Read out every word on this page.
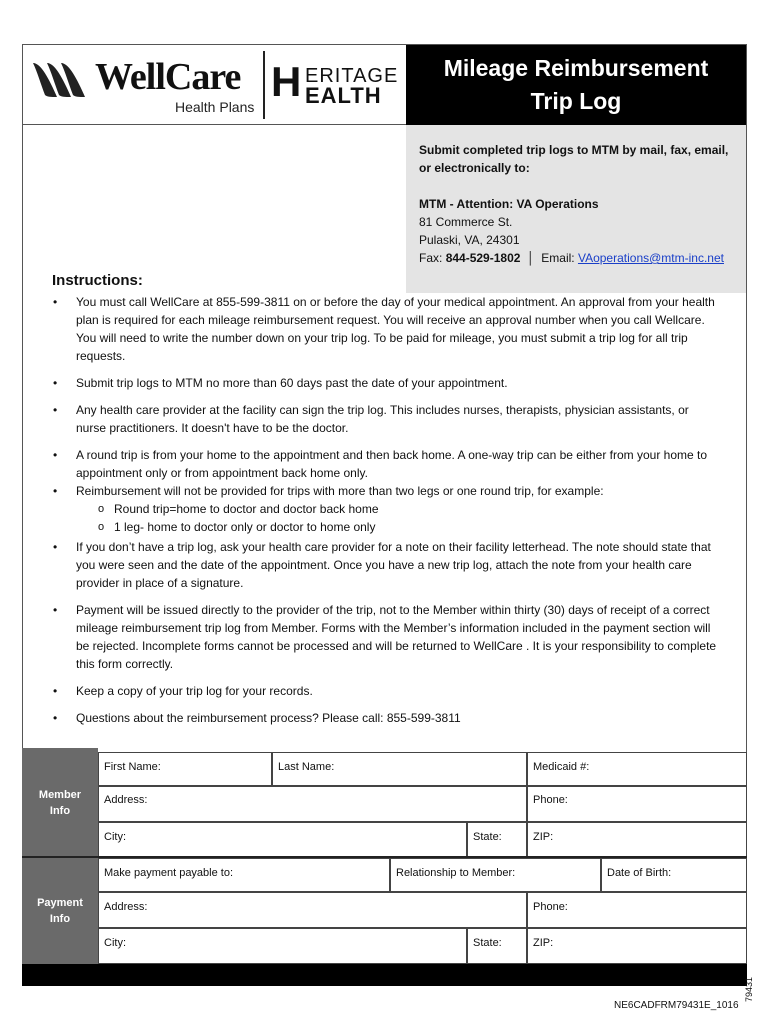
WellCare
Health Plans
H ERITAGE
EALTH
Mileage Reimbursement
Trip Log
Submit completed trip logs to MTM by mail, fax, email, or electronically to:
MTM - Attention: VA Operations
81 Commerce St.
Pulaski, VA, 24301
Fax: 844-529-1802  │  Email: VAoperations@mtm-inc.net
Instructions:
• You must call WellCare at 855-599-3811 on or before the day of your medical appointment. An approval from your health plan is required for each mileage reimbursement request. You will receive an approval number when you call Wellcare. You will need to write the number down on your trip log. To be paid for mileage, you must submit a trip log for all trip requests.
• Submit trip logs to MTM no more than 60 days past the date of your appointment.
• Any health care provider at the facility can sign the trip log. This includes nurses, therapists, physician assistants, or nurse practitioners. It doesn't have to be the doctor.
• A round trip is from your home to the appointment and then back home. A one-way trip can be either from your home to appointment only or from appointment back home only.
• Reimbursement will not be provided for trips with more than two legs or one round trip, for example:
o Round trip=home to doctor and doctor back home
o 1 leg- home to doctor only or doctor to home only
• If you don’t have a trip log, ask your health care provider for a note on their facility letterhead. The note should state that you were seen and the date of the appointment. Once you have a new trip log, attach the note from your health care provider in place of a signature.
• Payment will be issued directly to the provider of the trip, not to the Member within thirty (30) days of receipt of a correct mileage reimbursement trip log from Member. Forms with the Member’s information included in the payment section will be rejected. Incomplete forms cannot be processed and will be returned to WellCare . It is your responsibility to complete this form correctly.
• Keep a copy of your trip log for your records.
• Questions about the reimbursement process? Please call: 855-599-3811
Member
Info
First Name:	Last Name:	Medicaid #:
Address:	Phone:
City:	State:	ZIP:
Payment
Info
Make payment payable to:	Relationship to Member:	Date of Birth:
Address:	Phone:
City:	State:	ZIP:
NE6CADFRM79431E_1016
79431
